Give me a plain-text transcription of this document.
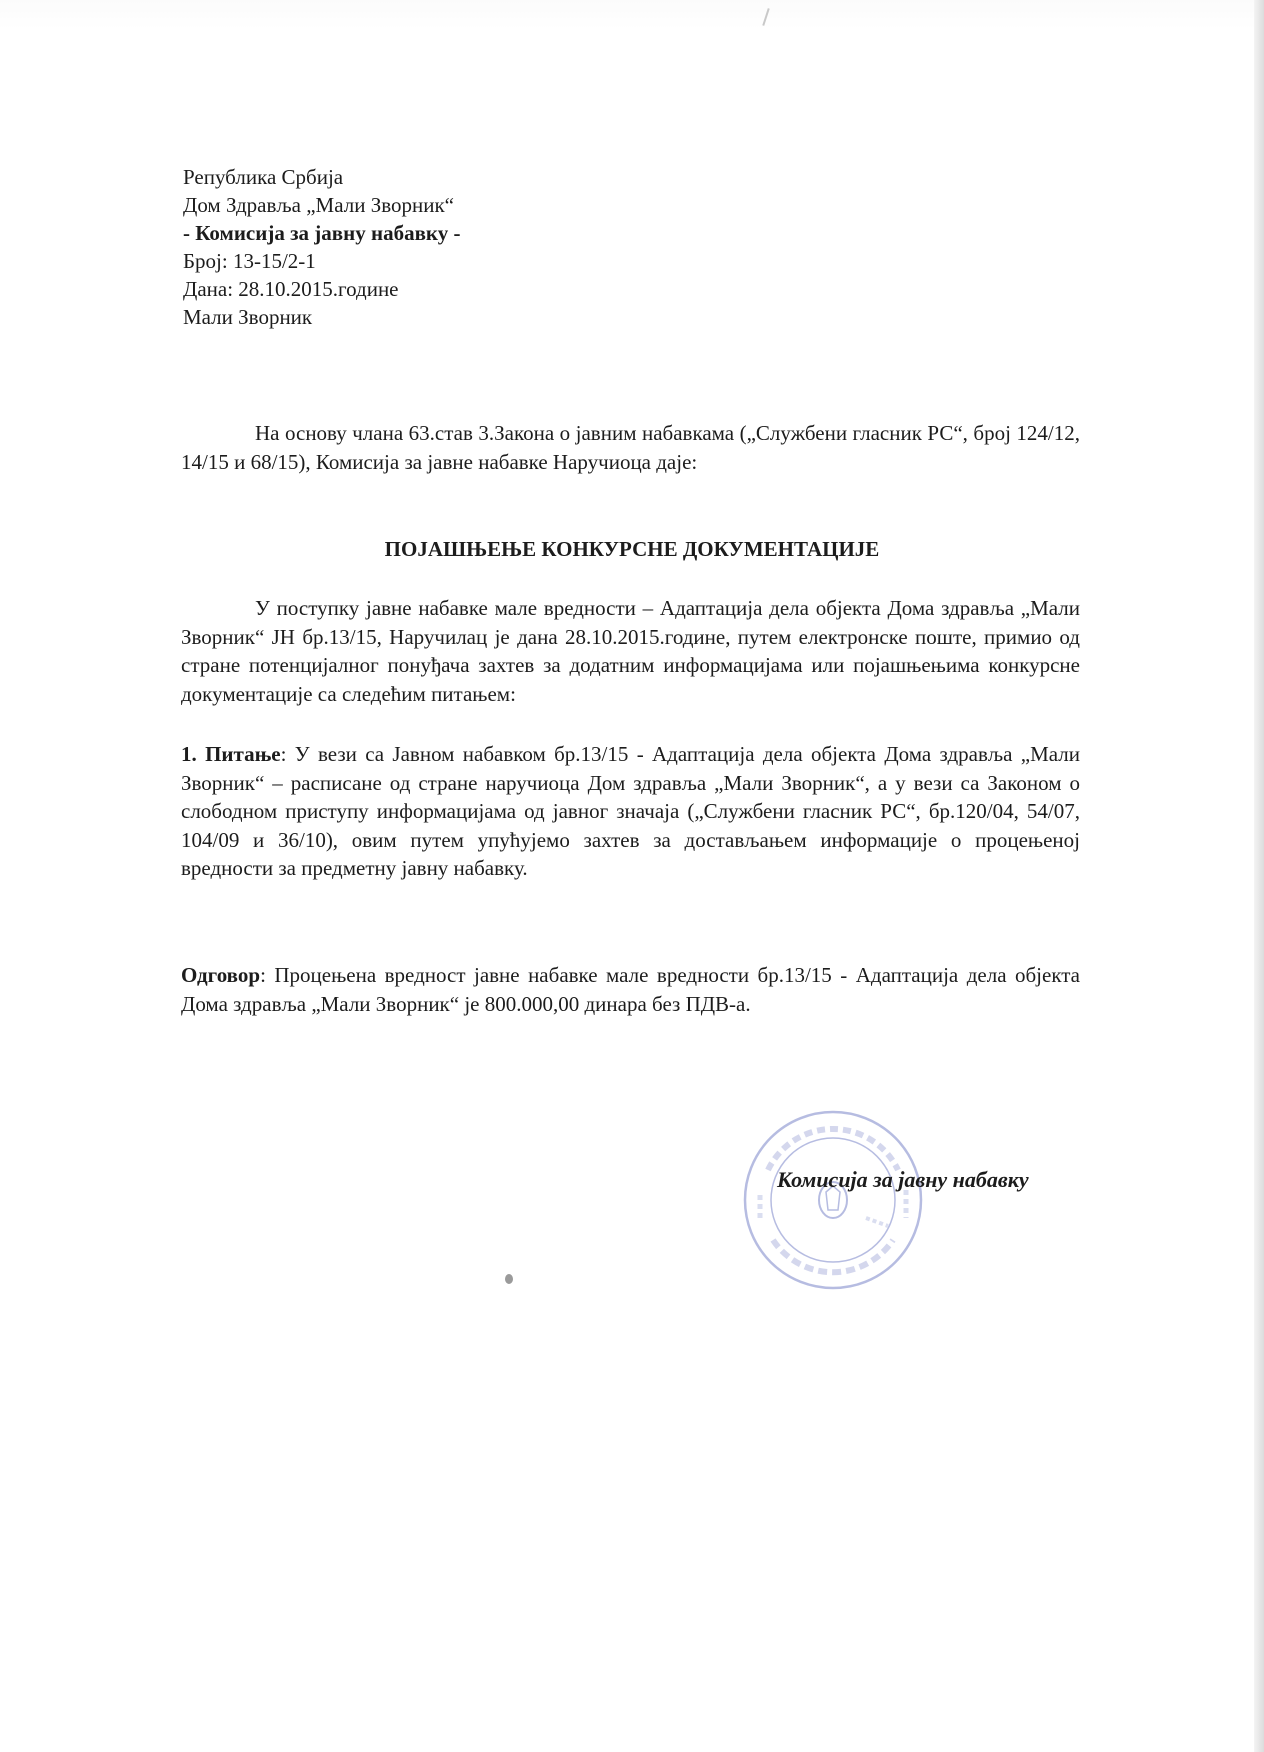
Република Србија
Дом Здравља „Мали Зворник“
- Комисија за јавну набавку -
Број: 13-15/2-1
Дана: 28.10.2015.године
Мали Зворник
На основу члана 63.став 3.Закона о јавним набавкама („Службени гласник РС“, број 124/12, 14/15 и 68/15), Комисија за јавне набавке Наручиоца даје:
ПОЈАШЊЕЊЕ КОНКУРСНЕ ДОКУМЕНТАЦИЈЕ
У поступку јавне набавке мале вредности – Адаптација дела објекта Дома здравља „Мали Зворник“ ЈН бр.13/15, Наручилац је дана 28.10.2015.године, путем електронске поште, примио од стране потенцијалног понуђача захтев за додатним информацијама или појашњењима конкурсне документације са следећим питањем:
1. Питање: У вези са Јавном набавком бр.13/15 - Адаптација дела објекта Дома здравља „Мали Зворник“ – расписане од стране наручиоца Дом здравља „Мали Зворник“, а у вези са Законом о слободном приступу информацијама од јавног значаја („Службени гласник РС“, бр.120/04, 54/07, 104/09 и 36/10), овим путем упућујемо захтев за достављањем информације о процењеној вредности за предметну јавну набавку.
Одговор: Процењена вредност јавне набавке мале вредности бр.13/15 - Адаптација дела објекта Дома здравља „Мали Зворник“ је 800.000,00 динара без ПДВ-а.
Комисија за јавну набавку
